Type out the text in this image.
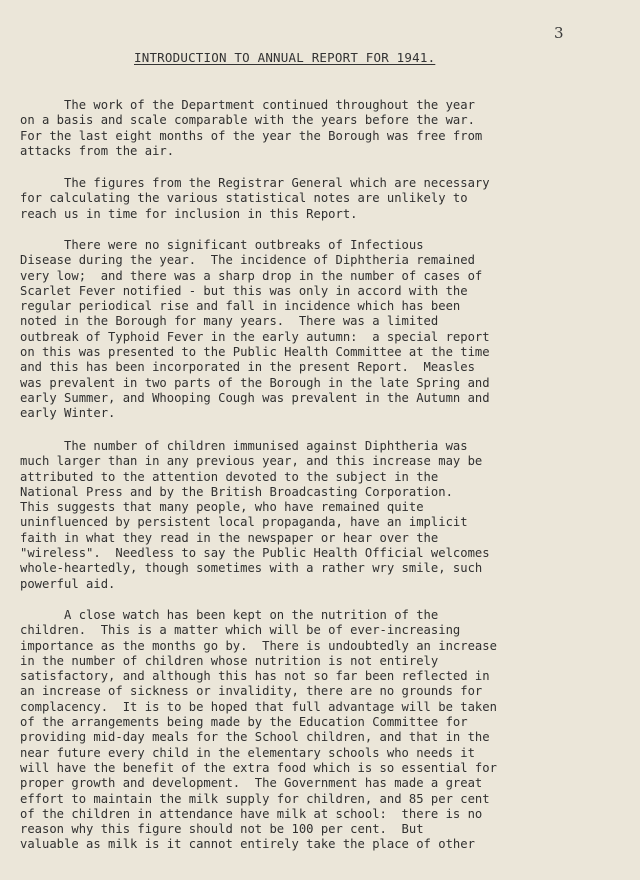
3
INTRODUCTION TO ANNUAL REPORT FOR 1941.
The work of the Department continued throughout the year
on a basis and scale comparable with the years before the war.
For the last eight months of the year the Borough was free from
attacks from the air.
The figures from the Registrar General which are necessary
for calculating the various statistical notes are unlikely to
reach us in time for inclusion in this Report.
There were no significant outbreaks of Infectious
Disease during the year.  The incidence of Diphtheria remained
very low;  and there was a sharp drop in the number of cases of
Scarlet Fever notified - but this was only in accord with the
regular periodical rise and fall in incidence which has been
noted in the Borough for many years.  There was a limited
outbreak of Typhoid Fever in the early autumn:  a special report
on this was presented to the Public Health Committee at the time
and this has been incorporated in the present Report.  Measles
was prevalent in two parts of the Borough in the late Spring and
early Summer, and Whooping Cough was prevalent in the Autumn and
early Winter.
The number of children immunised against Diphtheria was
much larger than in any previous year, and this increase may be
attributed to the attention devoted to the subject in the
National Press and by the British Broadcasting Corporation.
This suggests that many people, who have remained quite
uninfluenced by persistent local propaganda, have an implicit
faith in what they read in the newspaper or hear over the
"wireless".  Needless to say the Public Health Official welcomes
whole-heartedly, though sometimes with a rather wry smile, such
powerful aid.
A close watch has been kept on the nutrition of the
children.  This is a matter which will be of ever-increasing
importance as the months go by.  There is undoubtedly an increase
in the number of children whose nutrition is not entirely
satisfactory, and although this has not so far been reflected in
an increase of sickness or invalidity, there are no grounds for
complacency.  It is to be hoped that full advantage will be taken
of the arrangements being made by the Education Committee for
providing mid-day meals for the School children, and that in the
near future every child in the elementary schools who needs it
will have the benefit of the extra food which is so essential for
proper growth and development.  The Government has made a great
effort to maintain the milk supply for children, and 85 per cent
of the children in attendance have milk at school:  there is no
reason why this figure should not be 100 per cent.  But
valuable as milk is it cannot entirely take the place of other
